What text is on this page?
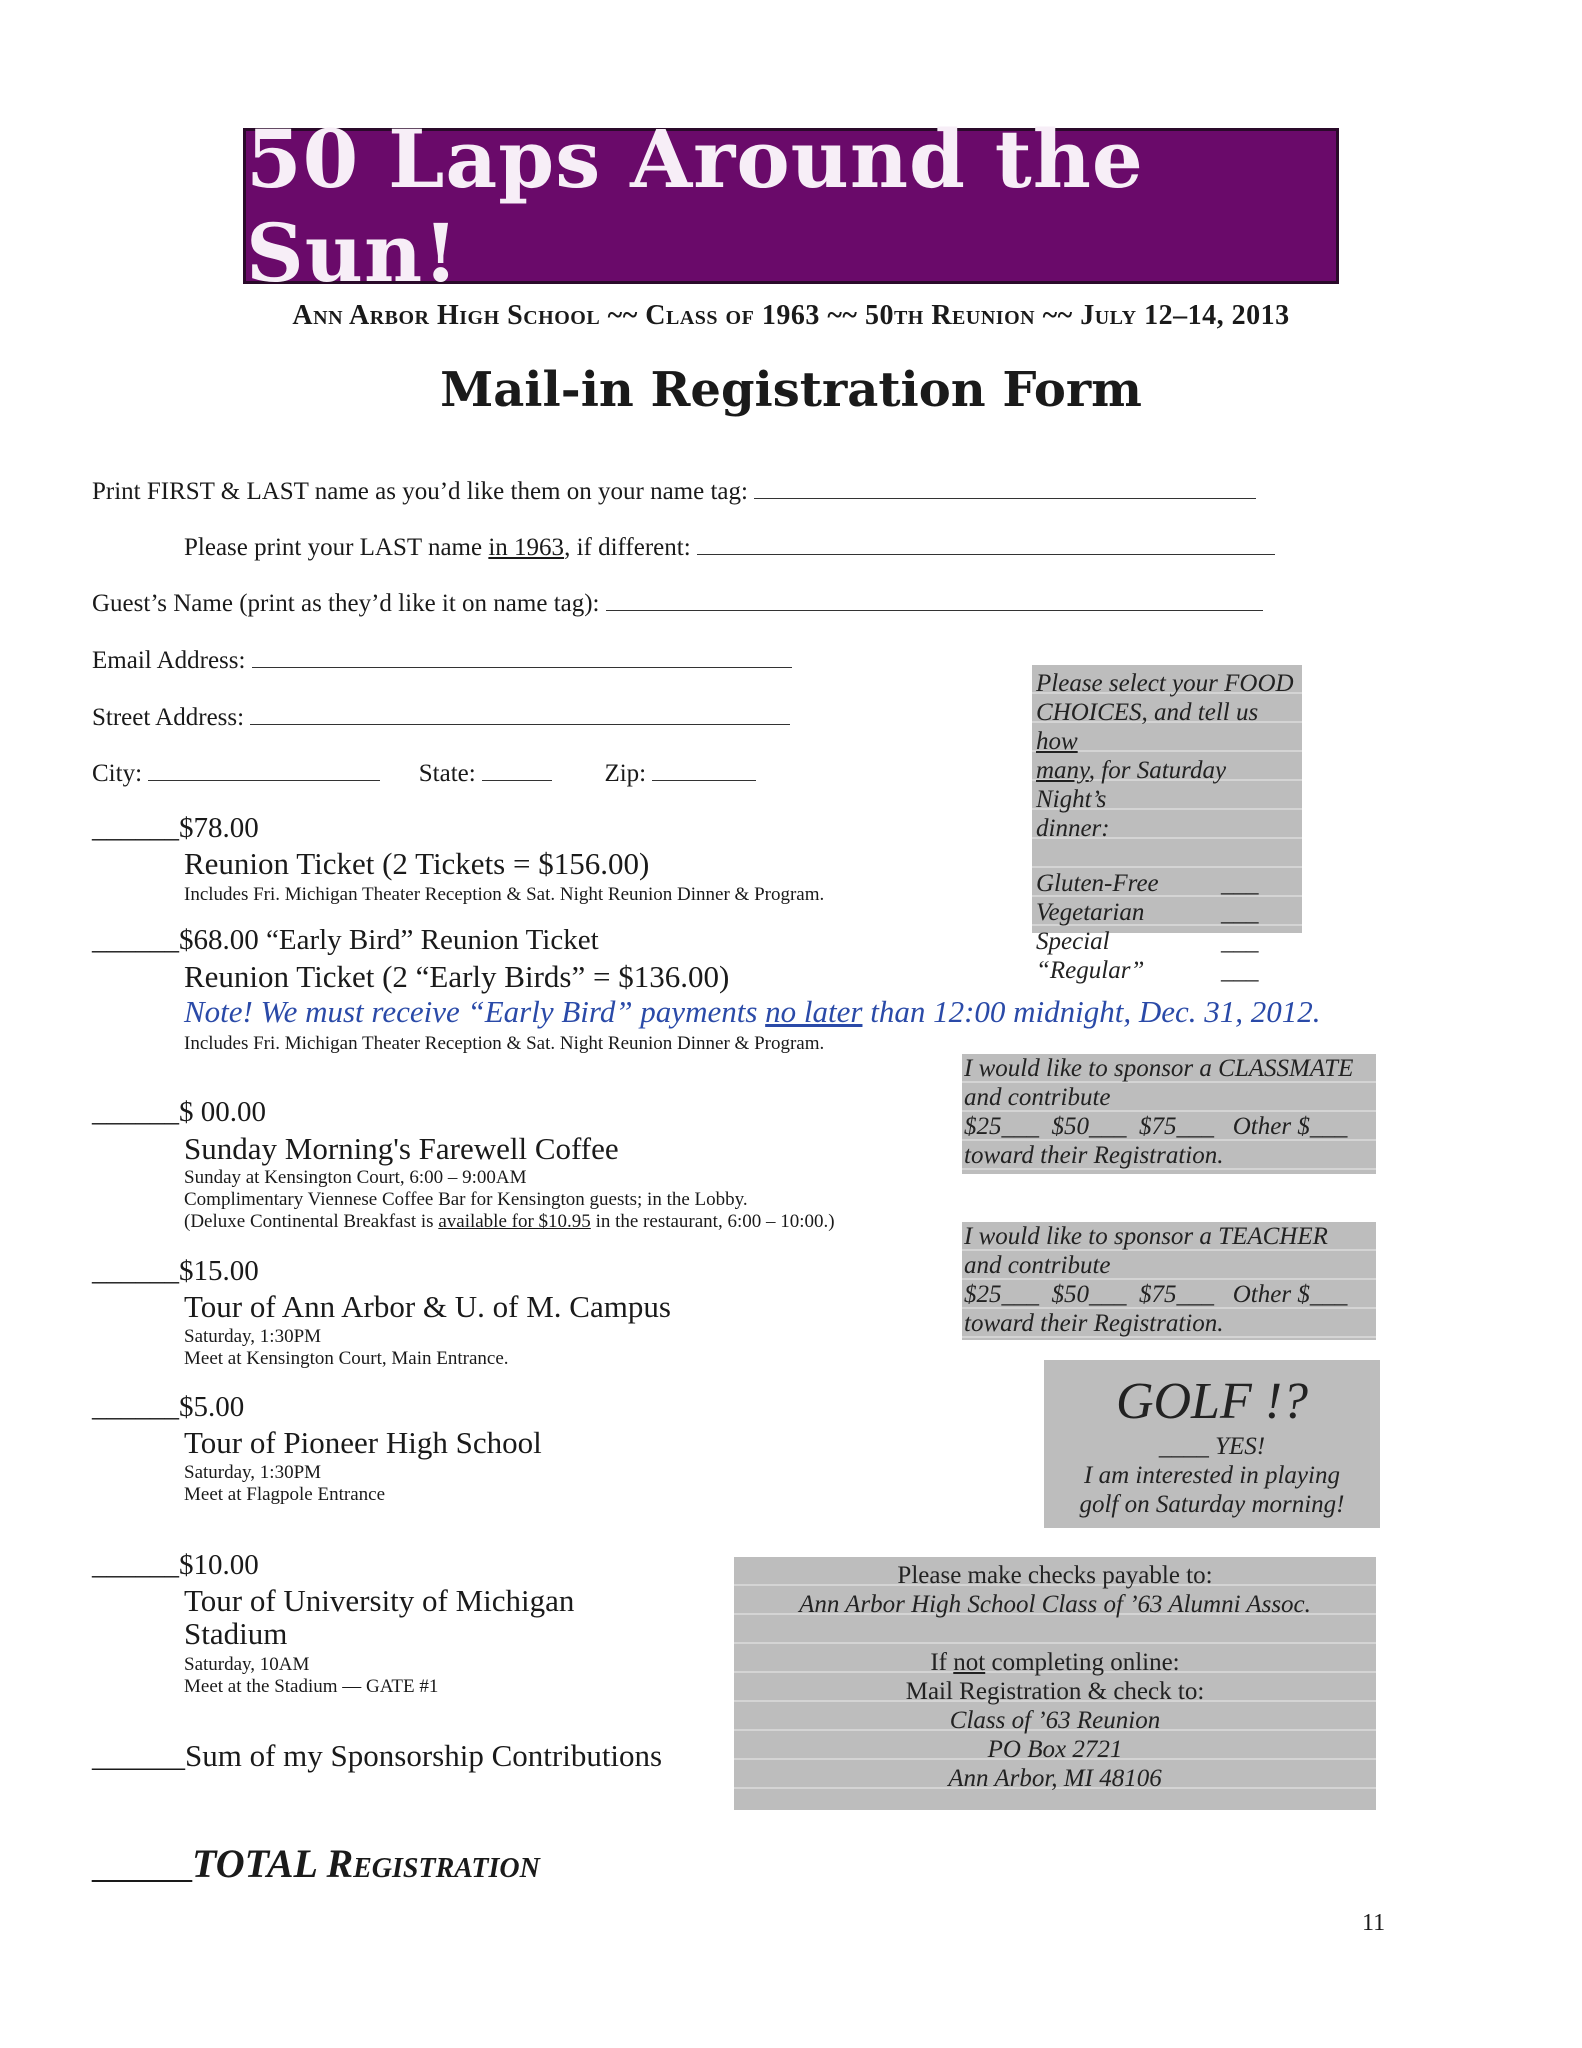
50 Laps Around the Sun!
Ann Arbor High School ~~ Class of 1963 ~~ 50th Reunion ~~ July 12–14, 2013
Mail-in Registration Form
Print FIRST & LAST name as you’d like them on your name tag:
Please print your LAST name in 1963, if different:
Guest’s Name (print as they’d like it on name tag):
Email Address:
Street Address:
City:	State:	Zip:
______$78.00
Reunion Ticket (2 Tickets = $156.00)
Includes Fri. Michigan Theater Reception & Sat. Night Reunion Dinner & Program.
______$68.00 “Early Bird” Reunion Ticket
Reunion Ticket (2 “Early Birds” = $136.00)
Note! We must receive “Early Bird” payments no later than 12:00 midnight, Dec. 31, 2012.
Includes Fri. Michigan Theater Reception & Sat. Night Reunion Dinner & Program.
______$ 00.00
Sunday Morning's Farewell Coffee
Sunday at Kensington Court, 6:00 – 9:00AM
Complimentary Viennese Coffee Bar for Kensington guests; in the Lobby.
(Deluxe Continental Breakfast is available for $10.95 in the restaurant, 6:00 – 10:00.)
______$15.00
Tour of Ann Arbor & U. of M. Campus
Saturday, 1:30PM
Meet at Kensington Court, Main Entrance.
______$5.00
Tour of Pioneer High School
Saturday, 1:30PM
Meet at Flagpole Entrance
______$10.00
Tour of University of Michigan
Stadium
Saturday, 10AM
Meet at the Stadium — GATE #1
______Sum of my Sponsorship Contributions
_____TOTAL Registration
Please select your FOOD
CHOICES, and tell us how
many, for Saturday Night’s
dinner:
Gluten-Free	___
Vegetarian	___
Special	___
“Regular”	___
I would like to sponsor a CLASSMATE
and contribute
$25___  $50___  $75___   Other $___
toward their Registration.
I would like to sponsor a TEACHER
and contribute
$25___  $50___  $75___   Other $___
toward their Registration.
GOLF !?
____ YES!
I am interested in playing
golf on Saturday morning!
Please make checks payable to:
Ann Arbor High School Class of ’63 Alumni Assoc.
If not completing online:
Mail Registration & check to:
Class of ’63 Reunion
PO Box 2721
Ann Arbor, MI 48106
11
